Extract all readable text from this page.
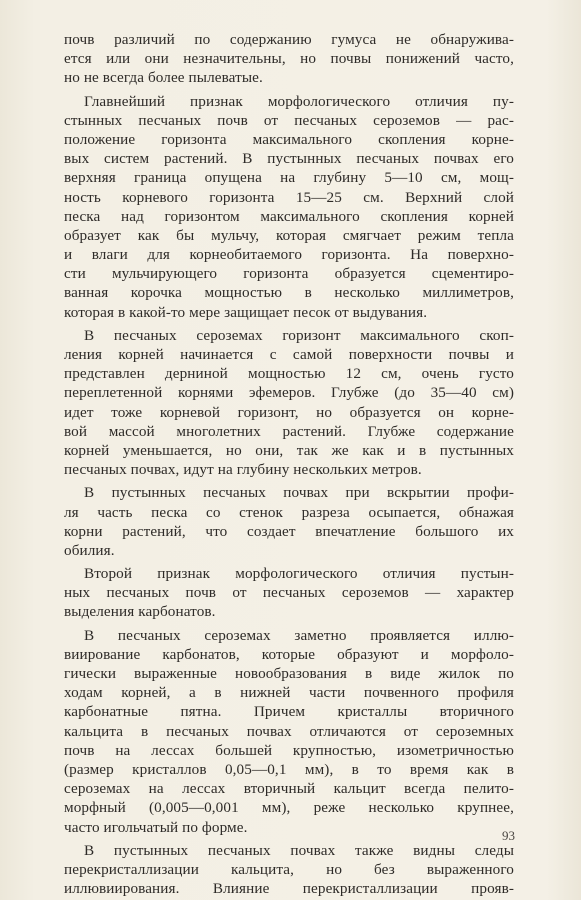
почв различий по содержанию гумуса не обнаружива-
ется или они незначительны, но почвы понижений часто,
но не всегда более пылеватые.
Главнейший признак морфологического отличия пу-
стынных песчаных почв от песчаных сероземов — рас-
положение горизонта максимального скопления корне-
вых систем растений. В пустынных песчаных почвах его
верхняя граница опущена на глубину 5—10 см, мощ-
ность корневого горизонта 15—25 см. Верхний слой
песка над горизонтом максимального скопления корней
образует как бы мульчу, которая смягчает режим тепла
и влаги для корнеобитаемого горизонта. На поверхно-
сти мульчирующего горизонта образуется сцементиро-
ванная корочка мощностью в несколько миллиметров,
которая в какой-то мере защищает песок от выдувания.
В песчаных сероземах горизонт максимального скоп-
ления корней начинается с самой поверхности почвы и
представлен дерниной мощностью 12 см, очень густо
переплетенной корнями эфемеров. Глубже (до 35—40 см)
идет тоже корневой горизонт, но образуется он корне-
вой массой многолетних растений. Глубже содержание
корней уменьшается, но они, так же как и в пустынных
песчаных почвах, идут на глубину нескольких метров.
В пустынных песчаных почвах при вскрытии профи-
ля часть песка со стенок разреза осыпается, обнажая
корни растений, что создает впечатление большого их
обилия.
Второй признак морфологического отличия пустын-
ных песчаных почв от песчаных сероземов — характер
выделения карбонатов.
В песчаных сероземах заметно проявляется иллю-
виирование карбонатов, которые образуют и морфоло-
гически выраженные новообразования в виде жилок по
ходам корней, а в нижней части почвенного профиля
карбонатные пятна. Причем кристаллы вторичного
кальцита в песчаных почвах отличаются от сероземных
почв на лессах большей крупностью, изометричностью
(размер кристаллов 0,05—0,1 мм), в то время как в
сероземах на лессах вторичный кальцит всегда пелито-
морфный (0,005—0,001 мм), реже несколько крупнее,
часто игольчатый по форме.
В пустынных песчаных почвах также видны следы
перекристаллизации кальцита, но без выраженного
иллювиирования. Влияние перекристаллизации прояв-
93
